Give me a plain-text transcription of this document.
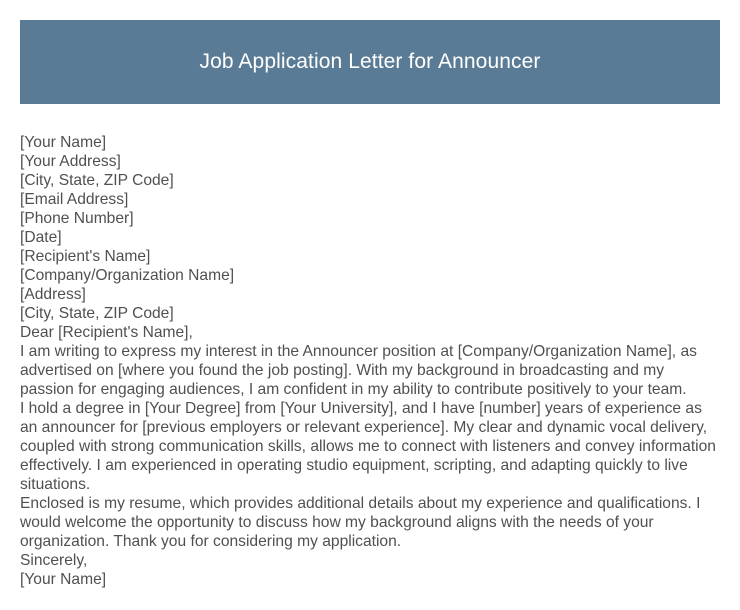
Job Application Letter for Announcer

[Your Name]

[Your Address]

[City, State, ZIP Code]

[Email Address]

[Phone Number]

[Date]

[Recipient's Name]

[Company/Organization Name]

[Address]

[City, State, ZIP Code]

Dear [Recipient's Name],

I am writing to express my interest in the Announcer position at [Company/Organization Name], as advertised on [where you found the job posting]. With my background in broadcasting and my passion for engaging audiences, I am confident in my ability to contribute positively to your team.

I hold a degree in [Your Degree] from [Your University], and I have [number] years of experience as an announcer for [previous employers or relevant experience]. My clear and dynamic vocal delivery, coupled with strong communication skills, allows me to connect with listeners and convey information effectively. I am experienced in operating studio equipment, scripting, and adapting quickly to live situations.

Enclosed is my resume, which provides additional details about my experience and qualifications. I would welcome the opportunity to discuss how my background aligns with the needs of your organization. Thank you for considering my application.

Sincerely,

[Your Name]
